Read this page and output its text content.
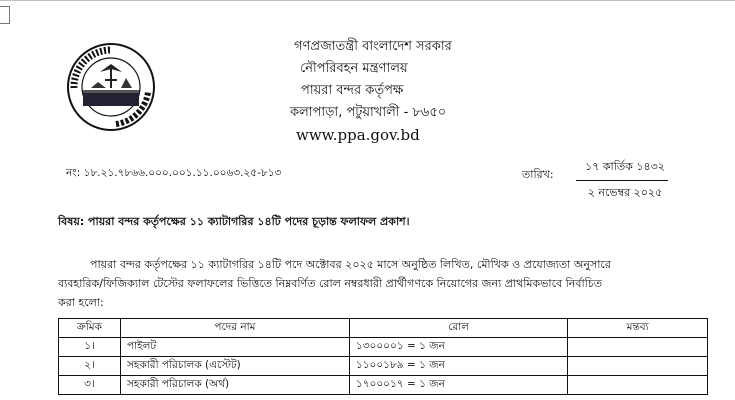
গণপ্রজাতন্ত্রী বাংলাদেশ সরকার
নৌপরিবহন মন্ত্রণালয়
পায়রা বন্দর কর্তৃপক্ষ
কলাপাড়া, পটুয়াখালী - ৮৬৫০
www.ppa.gov.bd
নং: ১৮.২১.৭৮৬৬.০০০.০০১.১১.০০৬৩.২৫-৮১৩	তারিখ:
১৭ কার্তিক ১৪৩২
২ নভেম্বর ২০২৫
বিষয়: পায়রা বন্দর কর্তৃপক্ষের ১১ ক্যাটাগরির ১৪টি পদের চূড়ান্ত ফলাফল প্রকাশ।
পায়রা বন্দর কর্তৃপক্ষের ১১ ক্যাটাগরির ১৪টি পদে অক্টোবর ২০২৫ মাসে অনুষ্ঠিত লিখিত, মৌখিক ও প্রযোজ্যতা অনুসারে
ব্যবহারিক/ফিজিক্যাল টেস্টের ফলাফলের ভিত্তিতে নিম্নবর্ণিত রোল নম্বরধারী প্রার্থীগণকে নিয়োগের জন্য প্রাথমিকভাবে নির্বাচিত
করা হলো:
ক্রমিক	পদের নাম	রোল	মন্তব্য
১।	পাইলট	১৩০০০০১ = ১ জন	
২।	সহকারী পরিচালক (এস্টেট)	১১০০১৮৯ = ১ জন	
৩।	সহকারী পরিচালক (অর্থ)	১৭০০০১৭ = ১ জন	
